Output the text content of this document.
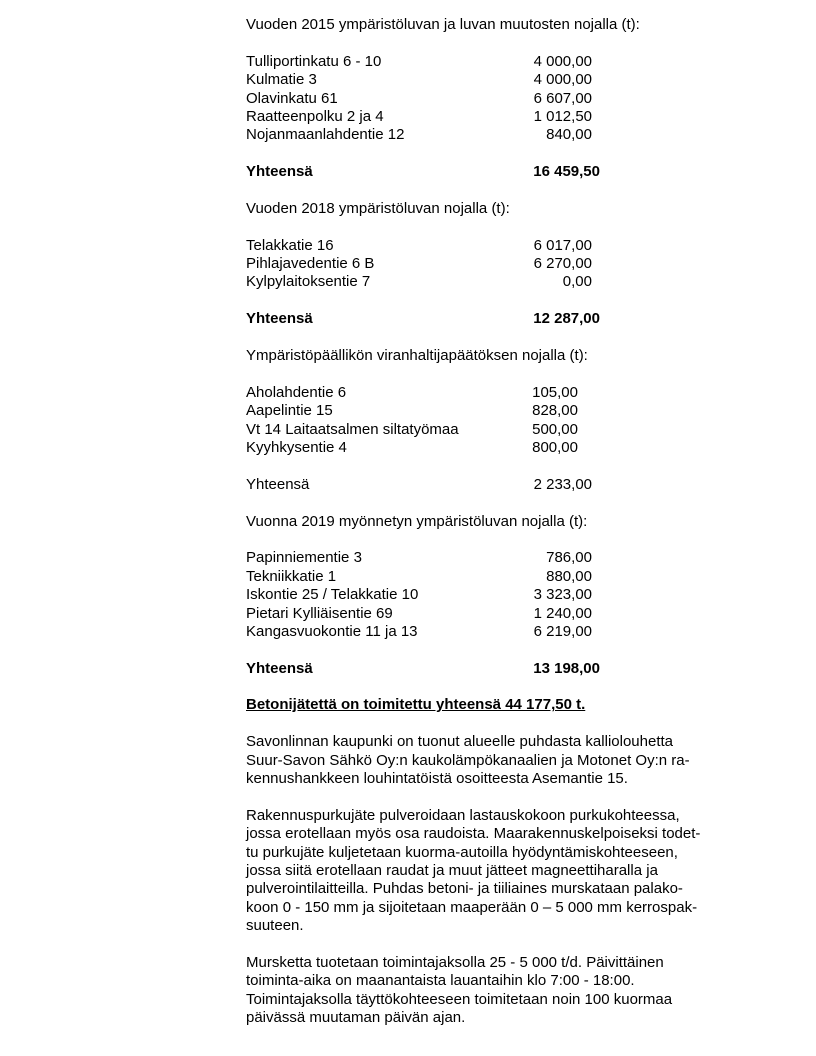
Vuoden 2015 ympäristöluvan ja luvan muutosten nojalla (t):
Tulliportinkatu 6 - 10	4 000,00
Kulmatie 3	4 000,00
Olavinkatu 61	6 607,00
Raatteenpolku 2 ja 4	1 012,50
Nojanmaanlahdentie 12	840,00
Yhteensä	16 459,50
Vuoden 2018 ympäristöluvan nojalla (t):
Telakkatie 16	6 017,00
Pihlajavedentie 6 B	6 270,00
Kylpylaitoksentie 7	0,00
Yhteensä	12 287,00
Ympäristöpäällikön viranhaltijapäätöksen nojalla (t):
Aholahdentie 6	105,00
Aapelintie 15	828,00
Vt 14 Laitaatsalmen siltatyömaa	500,00
Kyyhkysentie 4	800,00
Yhteensä	2 233,00
Vuonna 2019 myönnetyn ympäristöluvan nojalla (t):
Papinniementie 3	786,00
Tekniikkatie 1	880,00
Iskontie 25 / Telakkatie 10	3 323,00
Pietari Kylliäisentie 69	1 240,00
Kangasvuokontie 11 ja 13	6 219,00
Yhteensä	13 198,00
Betonijätettä on toimitettu yhteensä 44 177,50 t.
Savonlinnan kaupunki on tuonut alueelle puhdasta kalliolouhetta
Suur-Savon Sähkö Oy:n kaukolämpökanaalien ja Motonet Oy:n ra-
kennushankkeen louhintatöistä osoitteesta Asemantie 15.
Rakennuspurkujäte pulveroidaan lastauskokoon purkukohteessa,
jossa erotellaan myös osa raudoista. Maarakennuskelpoiseksi todet-
tu purkujäte kuljetetaan kuorma-autoilla hyödyntämiskohteeseen,
jossa siitä erotellaan raudat ja muut jätteet magneettiharalla ja
pulverointilaitteilla. Puhdas betoni- ja tiiliaines murskataan palako-
koon 0 - 150 mm ja sijoitetaan maaperään 0 – 5 000 mm kerrospak-
suuteen.
Mursketta tuotetaan toimintajaksolla 25 - 5 000 t/d. Päivittäinen
toiminta-aika on maanantaista lauantaihin klo 7:00 - 18:00.
Toimintajaksolla täyttökohteeseen toimitetaan noin 100 kuormaa
päivässä muutaman päivän ajan.
